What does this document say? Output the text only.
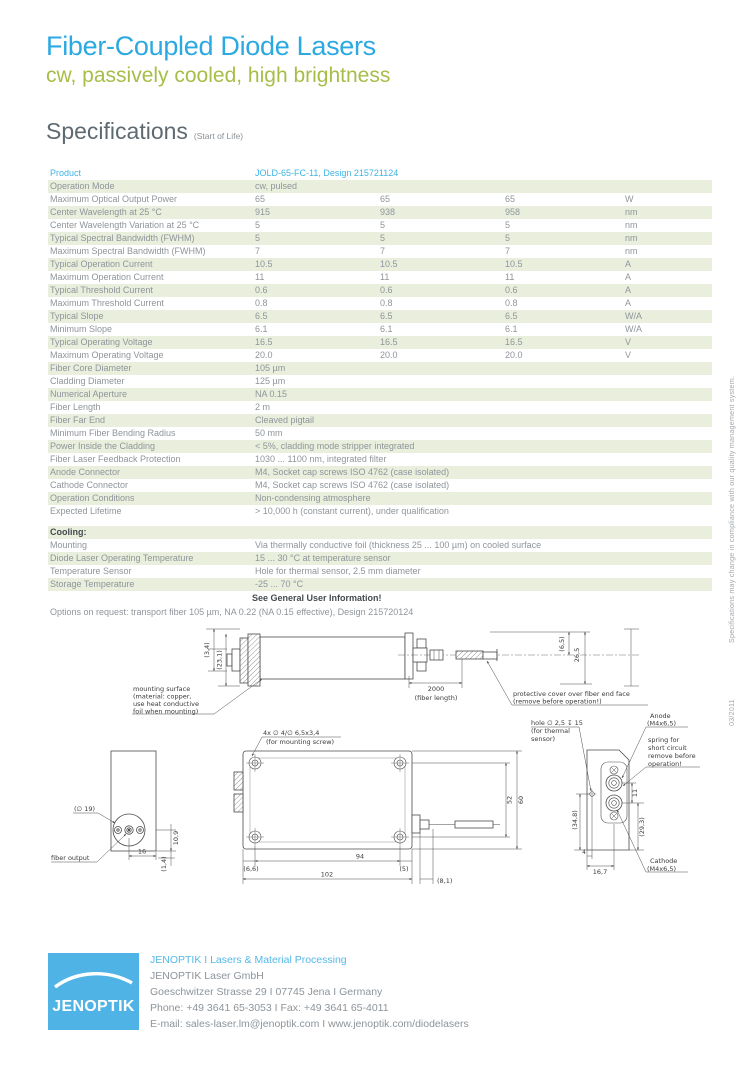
Fiber-Coupled Diode Lasers
cw, passively cooled, high brightness
Specifications (Start of Life)
Product	JOLD-65-FC-11, Design 215721124
Operation Mode	cw, pulsed
Maximum Optical Output Power	65	65	65	W
Center Wavelength at 25 °C	915	938	958	nm
Center Wavelength Variation at 25 °C	5	5	5	nm
Typical Spectral Bandwidth (FWHM)	5	5	5	nm
Maximum Spectral Bandwidth (FWHM)	7	7	7	nm
Typical Operation Current	10.5	10.5	10.5	A
Maximum Operation Current	11	11	11	A
Typical Threshold Current	0.6	0.6	0.6	A
Maximum Threshold Current	0.8	0.8	0.8	A
Typical Slope	6.5	6.5	6.5	W/A
Minimum Slope	6.1	6.1	6.1	W/A
Typical Operating Voltage	16.5	16.5	16.5	V
Maximum Operating Voltage	20.0	20.0	20.0	V
Fiber Core Diameter	105 µm
Cladding Diameter	125 µm
Numerical Aperture	NA 0.15
Fiber Length	2 m
Fiber Far End	Cleaved pigtail
Minimum Fiber Bending Radius	50 mm
Power Inside the Cladding	< 5%, cladding mode stripper integrated
Fiber Laser Feedback Protection	1030 ... 1100 nm, integrated filter
Anode Connector	M4, Socket cap screws ISO 4762 (case isolated)
Cathode Connector	M4, Socket cap screws ISO 4762 (case isolated)
Operation Conditions	Non-condensing atmosphere
Expected Lifetime	> 10,000 h (constant current), under qualification
Cooling:
Mounting	Via thermally conductive foil (thickness 25 ... 100 µm) on cooled surface
Diode Laser Operating Temperature	15 ... 30 °C at temperature sensor
Temperature Sensor	Hole for thermal sensor, 2.5 mm diameter
Storage Temperature	-25 ... 70 °C
See General User Information!
Options on request: transport fiber 105 µm, NA 0.22 (NA 0.15 effective), Design 215720124
(3,4)
(23,1)
(6,5)
26,5
2000
(fiber length)
mounting surface
(material: copper,
use heat conductive
foil when mounting)
protective cover over fiber end face
(remove before operation!)
(∅ 19)
fiber output
16
10,9
(1,4)
4x ∅ 4/∅ 6,5x3,4
(for mounting screw)
94
(6,6)	(5)
102
(8,1)
52 60
hole ∅ 2,5 ↧ 15
(for thermal
sensor)
Anode
(M4x6,5)
spring for
short circuit
remove before
operation!
Cathode
(M4x6,5)
11
(34,8)	(29,3)
4
16,7
Specifications may change in compliance with our quality management system.
03/2011
JENOPTIK
JENOPTIK I Lasers & Material Processing
JENOPTIK Laser GmbH
Goeschwitzer Strasse 29 I 07745 Jena I Germany
Phone: +49 3641 65-3053 I Fax: +49 3641 65-4011
E-mail: sales-laser.lm@jenoptik.com I www.jenoptik.com/diodelasers
